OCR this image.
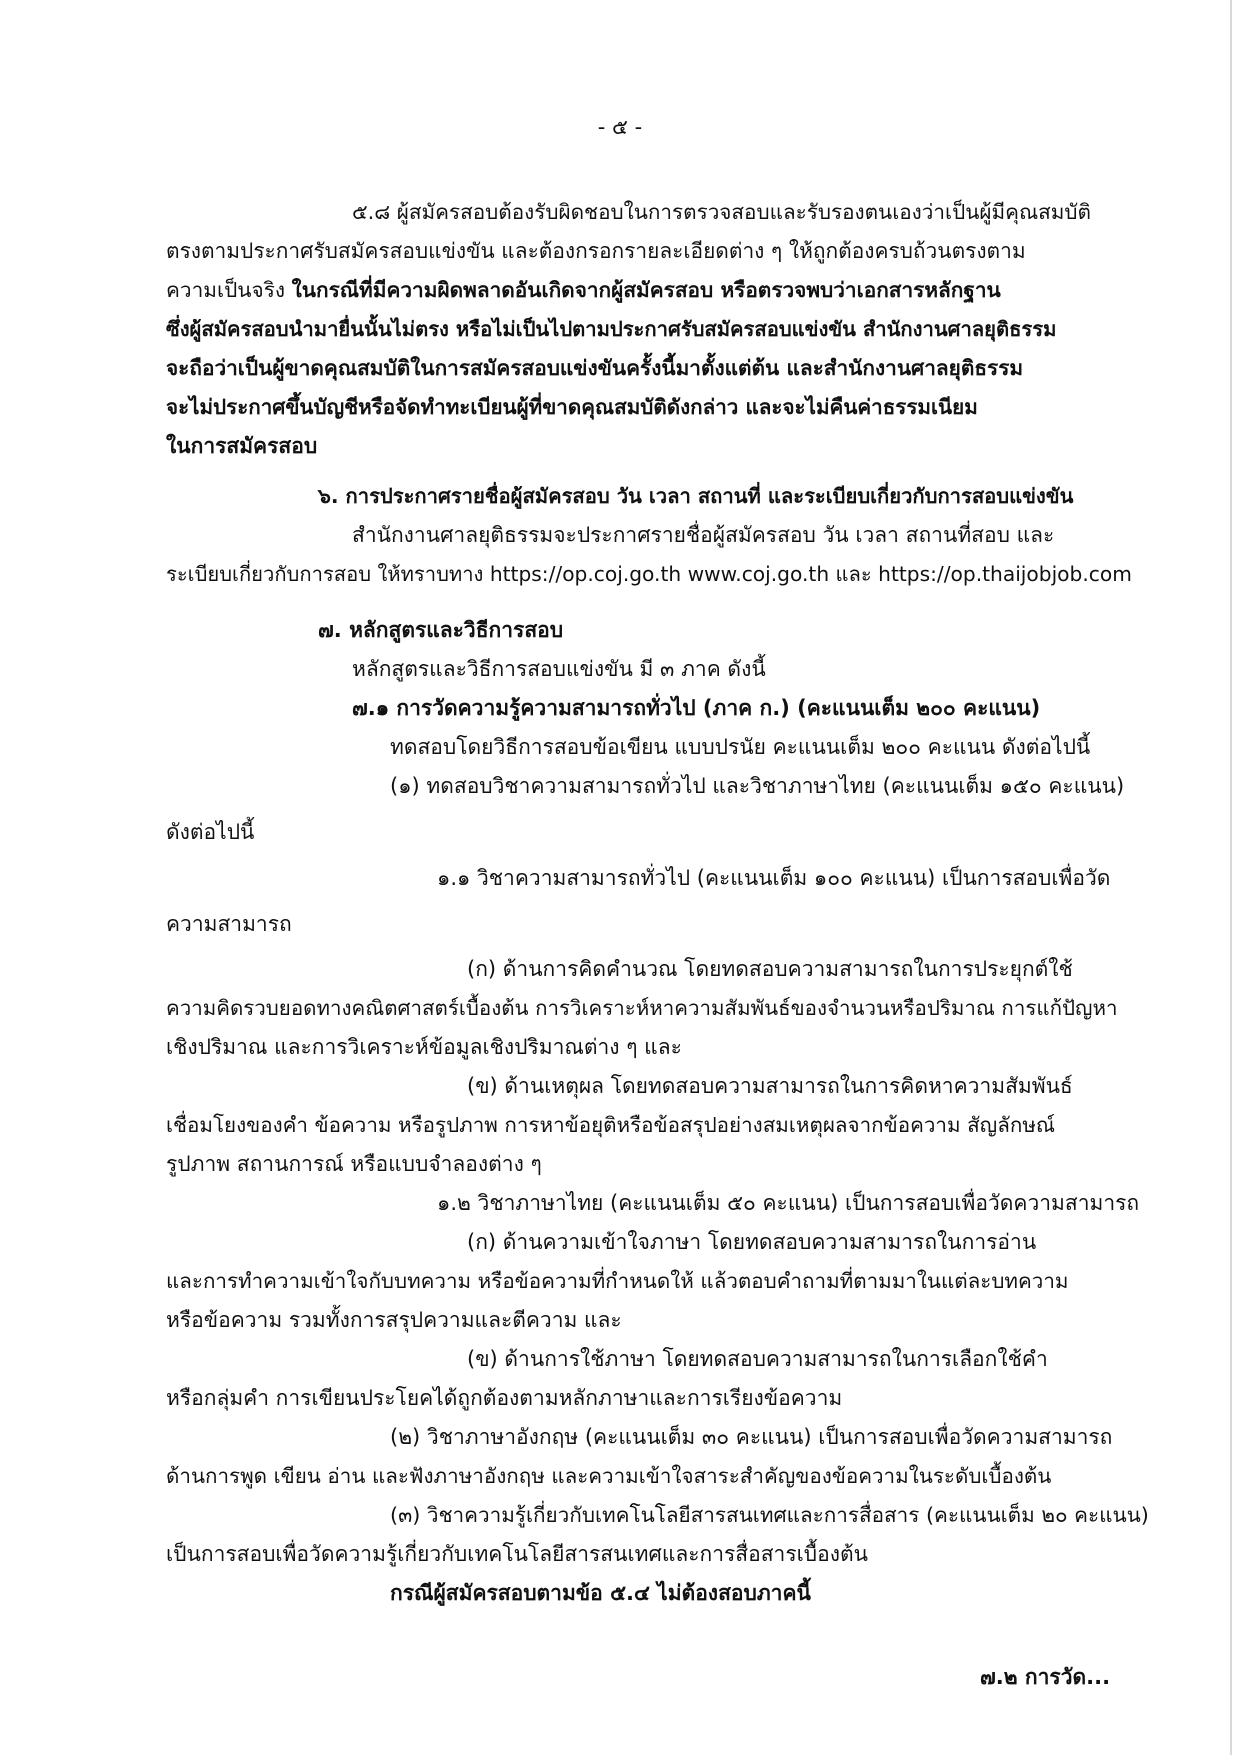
- ๕ -
๕.๘ ผู้สมัครสอบต้องรับผิดชอบในการตรวจสอบและรับรองตนเองว่าเป็นผู้มีคุณสมบัติ
ตรงตามประกาศรับสมัครสอบแข่งขัน และต้องกรอกรายละเอียดต่าง ๆ ให้ถูกต้องครบถ้วนตรงตาม
ความเป็นจริง ในกรณีที่มีความผิดพลาดอันเกิดจากผู้สมัครสอบ หรือตรวจพบว่าเอกสารหลักฐาน
ซึ่งผู้สมัครสอบนำมายื่นนั้นไม่ตรง หรือไม่เป็นไปตามประกาศรับสมัครสอบแข่งขัน สำนักงานศาลยุติธรรม
จะถือว่าเป็นผู้ขาดคุณสมบัติในการสมัครสอบแข่งขันครั้งนี้มาตั้งแต่ต้น และสำนักงานศาลยุติธรรม
จะไม่ประกาศขึ้นบัญชีหรือจัดทำทะเบียนผู้ที่ขาดคุณสมบัติดังกล่าว และจะไม่คืนค่าธรรมเนียม
ในการสมัครสอบ
๖. การประกาศรายชื่อผู้สมัครสอบ วัน เวลา สถานที่ และระเบียบเกี่ยวกับการสอบแข่งขัน
สำนักงานศาลยุติธรรมจะประกาศรายชื่อผู้สมัครสอบ วัน เวลา สถานที่สอบ และ
ระเบียบเกี่ยวกับการสอบ ให้ทราบทาง https://op.coj.go.th www.coj.go.th และ https://op.thaijobjob.com
๗. หลักสูตรและวิธีการสอบ
หลักสูตรและวิธีการสอบแข่งขัน มี ๓ ภาค ดังนี้
๗.๑ การวัดความรู้ความสามารถทั่วไป (ภาค ก.) (คะแนนเต็ม ๒๐๐ คะแนน)
ทดสอบโดยวิธีการสอบข้อเขียน แบบปรนัย คะแนนเต็ม ๒๐๐ คะแนน ดังต่อไปนี้
(๑) ทดสอบวิชาความสามารถทั่วไป และวิชาภาษาไทย (คะแนนเต็ม ๑๕๐ คะแนน)
ดังต่อไปนี้
๑.๑ วิชาความสามารถทั่วไป (คะแนนเต็ม ๑๐๐ คะแนน) เป็นการสอบเพื่อวัด
ความสามารถ
(ก) ด้านการคิดคำนวณ โดยทดสอบความสามารถในการประยุกต์ใช้
ความคิดรวบยอดทางคณิตศาสตร์เบื้องต้น การวิเคราะห์หาความสัมพันธ์ของจำนวนหรือปริมาณ การแก้ปัญหา
เชิงปริมาณ และการวิเคราะห์ข้อมูลเชิงปริมาณต่าง ๆ และ
(ข) ด้านเหตุผล โดยทดสอบความสามารถในการคิดหาความสัมพันธ์
เชื่อมโยงของคำ ข้อความ หรือรูปภาพ การหาข้อยุติหรือข้อสรุปอย่างสมเหตุผลจากข้อความ สัญลักษณ์
รูปภาพ สถานการณ์ หรือแบบจำลองต่าง ๆ
๑.๒ วิชาภาษาไทย (คะแนนเต็ม ๕๐ คะแนน) เป็นการสอบเพื่อวัดความสามารถ
(ก) ด้านความเข้าใจภาษา โดยทดสอบความสามารถในการอ่าน
และการทำความเข้าใจกับบทความ หรือข้อความที่กำหนดให้ แล้วตอบคำถามที่ตามมาในแต่ละบทความ
หรือข้อความ รวมทั้งการสรุปความและตีความ และ
(ข) ด้านการใช้ภาษา โดยทดสอบความสามารถในการเลือกใช้คำ
หรือกลุ่มคำ การเขียนประโยคได้ถูกต้องตามหลักภาษาและการเรียงข้อความ
(๒) วิชาภาษาอังกฤษ (คะแนนเต็ม ๓๐ คะแนน) เป็นการสอบเพื่อวัดความสามารถ
ด้านการพูด เขียน อ่าน และฟังภาษาอังกฤษ และความเข้าใจสาระสำคัญของข้อความในระดับเบื้องต้น
(๓) วิชาความรู้เกี่ยวกับเทคโนโลยีสารสนเทศและการสื่อสาร (คะแนนเต็ม ๒๐ คะแนน)
เป็นการสอบเพื่อวัดความรู้เกี่ยวกับเทคโนโลยีสารสนเทศและการสื่อสารเบื้องต้น
กรณีผู้สมัครสอบตามข้อ ๕.๔ ไม่ต้องสอบภาคนี้
๗.๒ การวัด...
